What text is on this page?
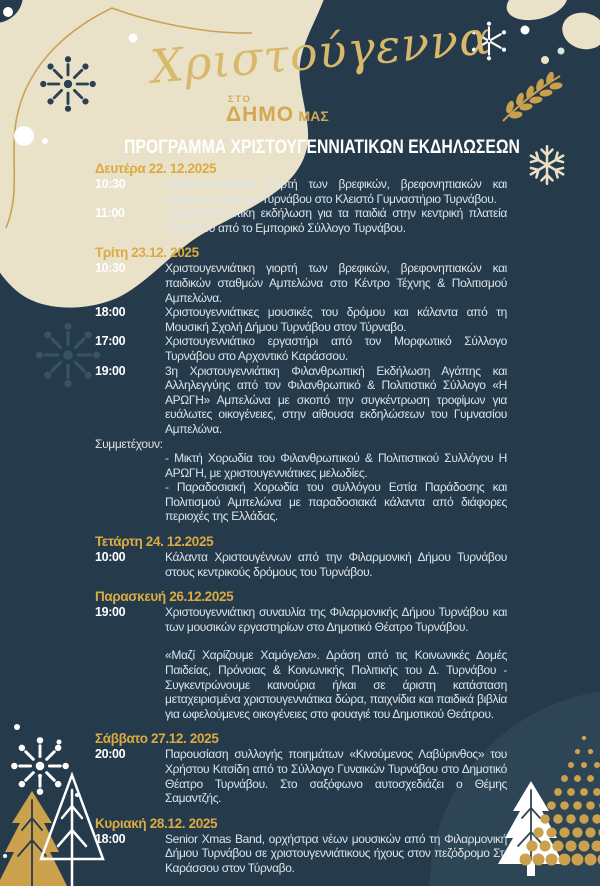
Χριστούγεννα
ΣΤΟ
ΔΗΜΟ ΜΑΣ
ΠΡΟΓΡΑΜΜΑ ΧΡΙΣΤΟΥΓΕΝΝΙΑΤΙΚΩΝ ΕΚΔΗΛΩΣΕΩΝ
Δευτέρα 22. 12.2025
10:30	Χριστουγεννιάτικη γιορτή των βρεφικών, βρεφονηπιακών και παιδικών σταθμών Τυρνάβου στο Κλειστό Γυμναστήριο Τυρνάβου.
11:00	Χριστουγεννιάτικη εκδήλωση για τα παιδιά στην κεντρική πλατεία Τυρνάβου από το Εμπορικό Σύλλογο Τυρνάβου.
Τρίτη 23.12. 2025
10:30	Χριστουγεννιάτικη γιορτή των βρεφικών, βρεφονηπιακών και παιδικών σταθμών Αμπελώνα στο Κέντρο Τέχνης & Πολιτισμού Αμπελώνα.
18:00	Χριστουγεννιάτικες μουσικές του δρόμου και κάλαντα από τη Μουσική Σχολή Δήμου Τυρνάβου στον Τύρναβο.
17:00	Χριστουγεννιάτικο εργαστήρι από τον Μορφωτικό Σύλλογο Τυρνάβου στο Αρχοντικό Καράσσου.
19:00	3η Χριστουγεννιάτικη Φιλανθρωπική Εκδήλωση Αγάπης και Αλληλεγγύης από τον Φιλανθρωπικό & Πολιτιστικό Σύλλογο «Η ΑΡΩΓΗ» Αμπελώνα με σκοπό την συγκέντρωση τροφίμων για ευάλωτες οικογένειες, στην αίθουσα εκδηλώσεων του Γυμνασίου Αμπελώνα.
Συμμετέχουν:
- Μικτή Χορωδία του Φιλανθρωπικού & Πολιτιστικού Συλλόγου Η ΑΡΩΓΗ, με χριστουγεννιάτικες μελωδίες.
- Παραδοσιακή Χορωδία του συλλόγου Εστία Παράδοσης και Πολιτισμού Αμπελώνα με παραδοσιακά κάλαντα από διάφορες περιοχές της Ελλάδας.
Τετάρτη 24. 12.2025
10:00	Κάλαντα Χριστουγέννων από την Φιλαρμονική Δήμου Τυρνάβου στους κεντρικούς δρόμους του Τυρνάβου.
Παρασκευή 26.12.2025
19:00	Χριστουγεννιάτικη συναυλία της Φιλαρμονικής Δήμου Τυρνάβου και των μουσικών εργαστηρίων στο Δημοτικό Θέατρο Τυρνάβου.
«Μαζί Χαρίζουμε Χαμόγελα». Δράση από τις Κοινωνικές Δομές Παιδείας, Πρόνοιας & Κοινωνικής Πολιτικής του Δ. Τυρνάβου - Συγκεντρώνουμε καινούρια ή/και σε άριστη κατάσταση μεταχειρισμένα χριστουγεννιάτικα δώρα, παιχνίδια και παιδικά βιβλία για ωφελούμενες οικογένειες στο φουαγιέ του Δημοτικού Θεάτρου.
Σάββατο 27.12. 2025
20:00	Παρουσίαση συλλογής ποιημάτων «Κινούμενος Λαβύρινθος» του Χρήστου Κιτσίδη από το Σύλλογο Γυναικών Τυρνάβου στο Δημοτικό Θέατρο Τυρνάβου. Στο σαξόφωνο αυτοσχεδιάζει ο Θέμης Σαμαντζής.
Κυριακή 28.12. 2025
18:00	Senior Xmas Band, ορχήστρα νέων μουσικών από τη Φιλαρμονική Δήμου Τυρνάβου σε χριστουγεννιάτικους ήχους στον πεζόδρομο Στ. Καράσσου στον Τύρναβο.
